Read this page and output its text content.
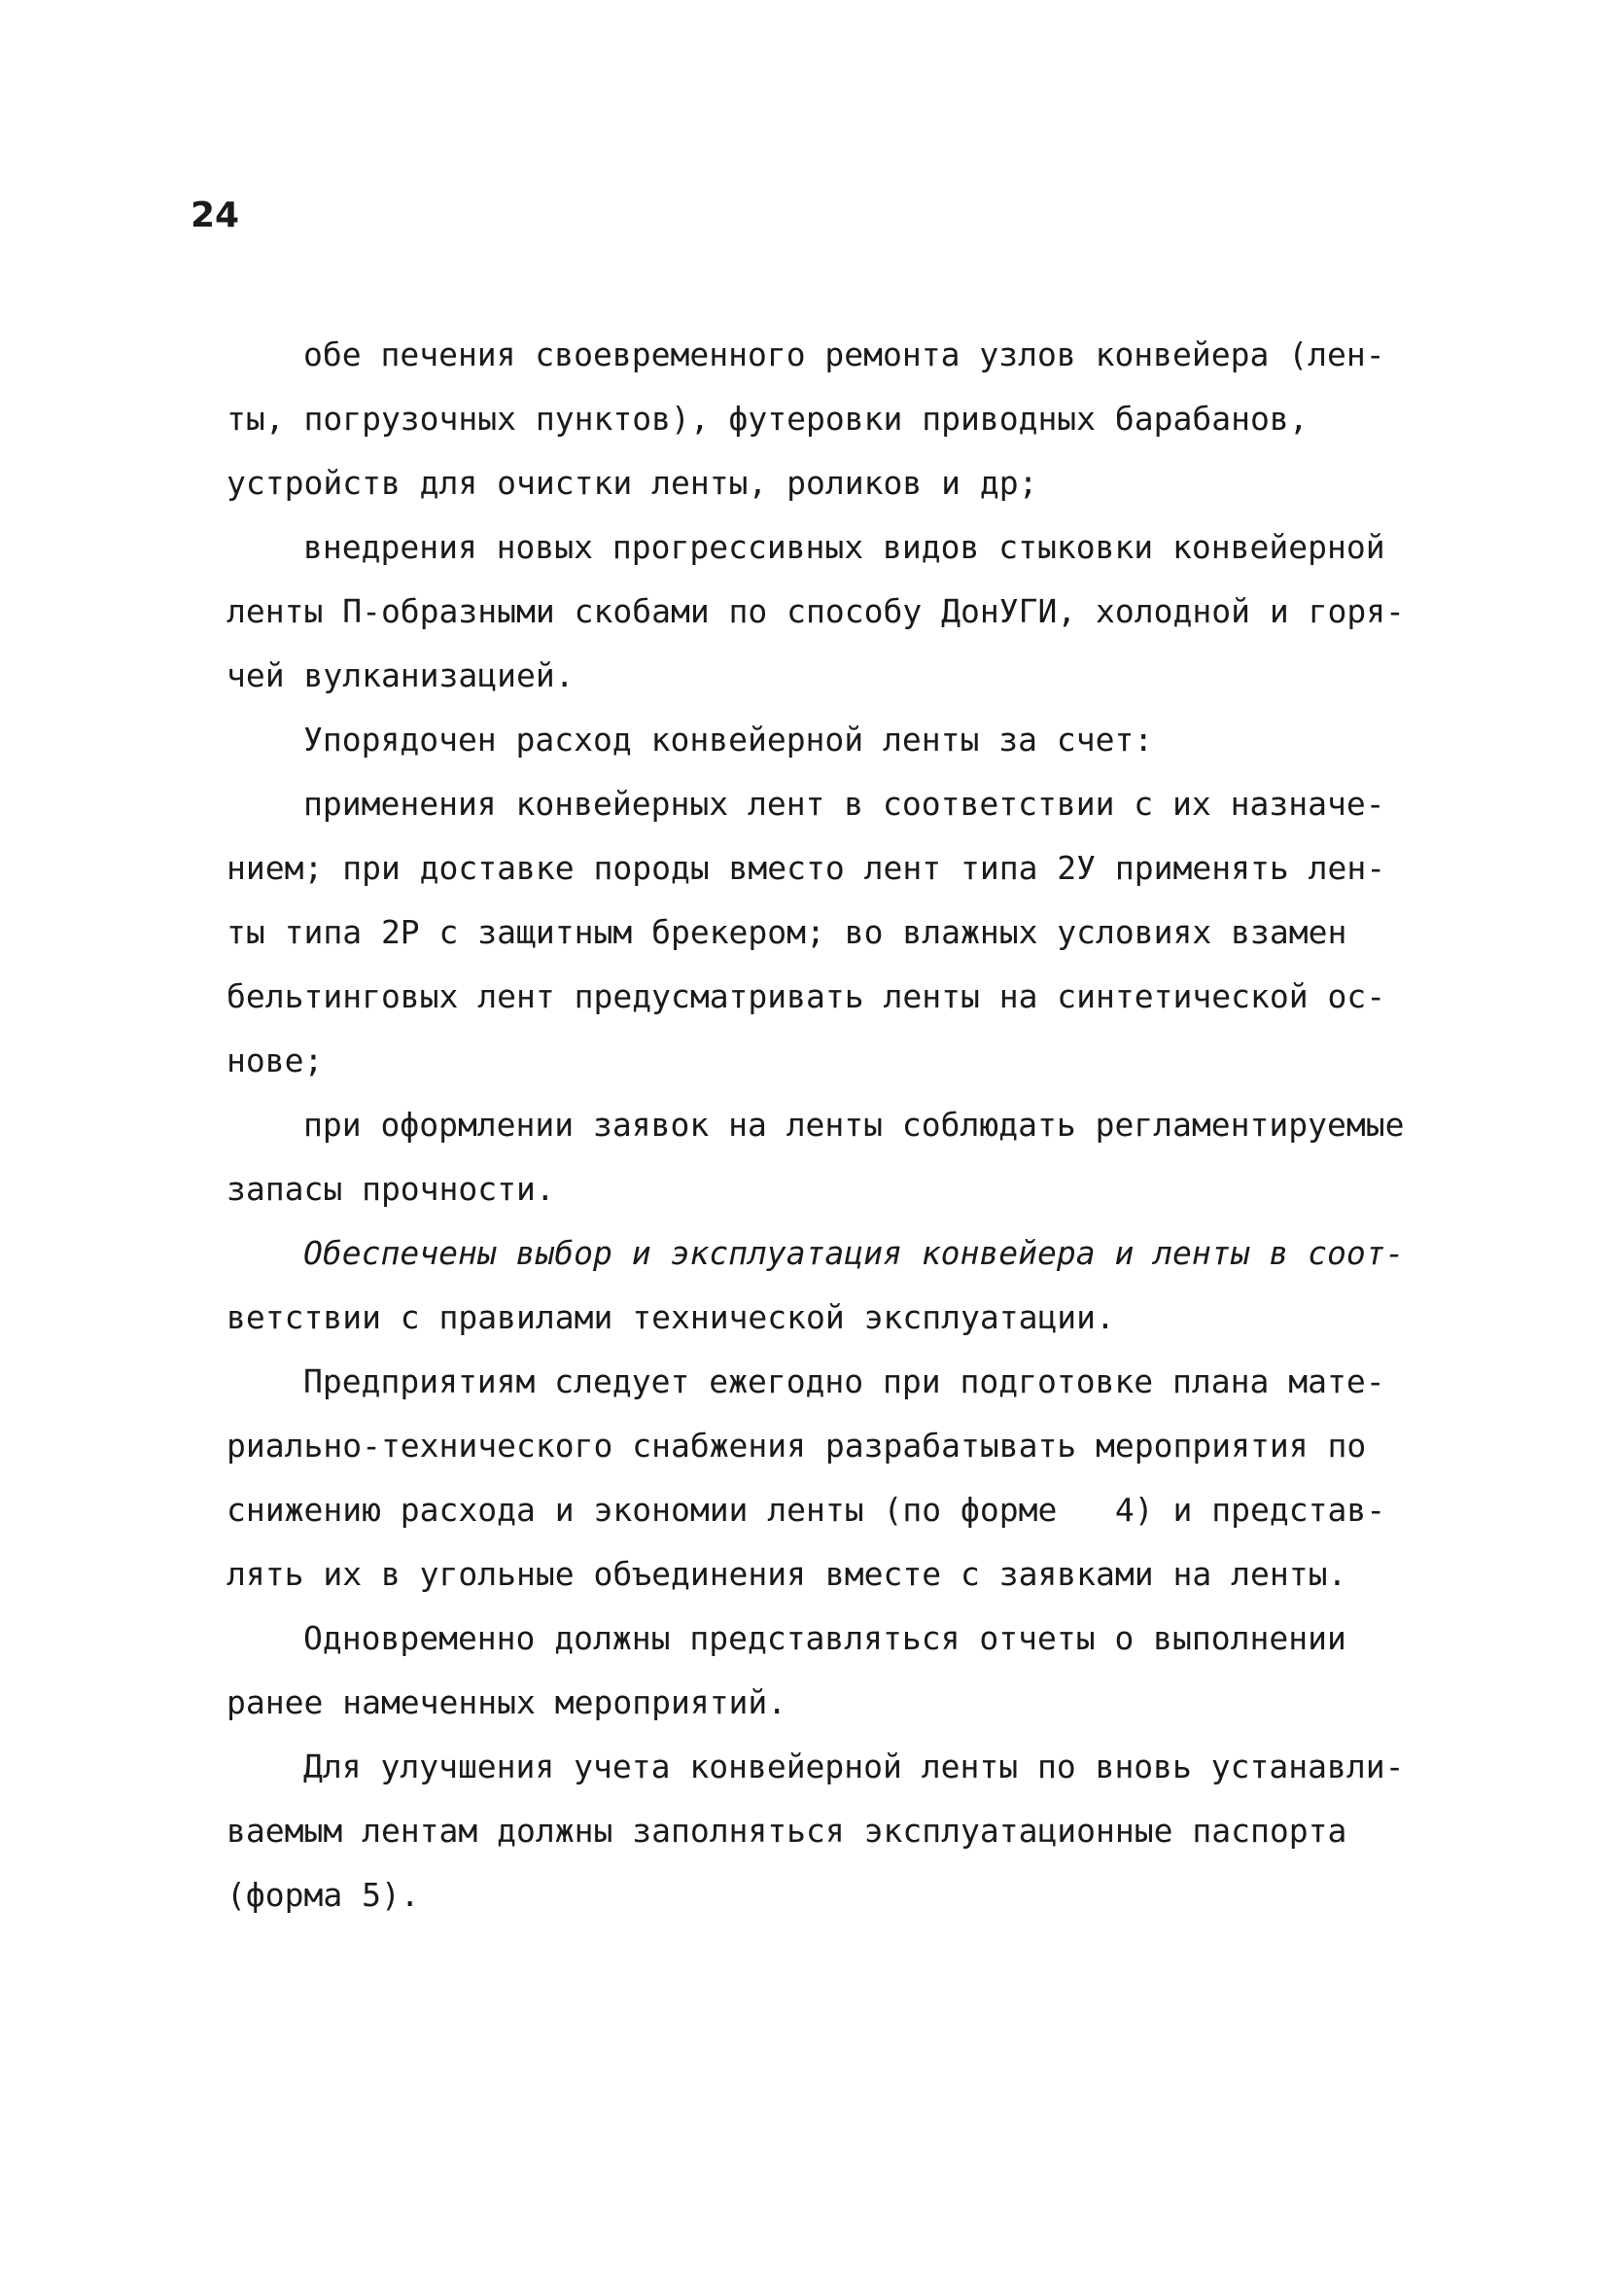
24
обе печения своевременного ремонта узлов конвейера (лен-
ты, погрузочных пунктов), футеровки приводных барабанов,
устройств для очистки ленты, роликов и др;
внедрения новых прогрессивных видов стыковки конвейерной
ленты П-образными скобами по способу ДонУГИ, холодной и горя-
чей вулканизацией.
Упорядочен расход конвейерной ленты за счет:
применения конвейерных лент в соответствии с их назначе-
нием; при доставке породы вместо лент типа 2У применять лен-
ты типа 2Р с защитным брекером; во влажных условиях взамен
бельтинговых лент предусматривать ленты на синтетической ос-
нове;
при оформлении заявок на ленты соблюдать регламентируемые
запасы прочности.
Обеспечены выбор и эксплуатация конвейера и ленты в соот-
ветствии с правилами технической эксплуатации.
Предприятиям следует ежегодно при подготовке плана мате-
риально-технического снабжения разрабатывать мероприятия по
снижению расхода и экономии ленты (по форме   4) и представ-
лять их в угольные объединения вместе с заявками на ленты.
Одновременно должны представляться отчеты о выполнении
ранее намеченных мероприятий.
Для улучшения учета конвейерной ленты по вновь устанавли-
ваемым лентам должны заполняться эксплуатационные паспорта
(форма 5).
